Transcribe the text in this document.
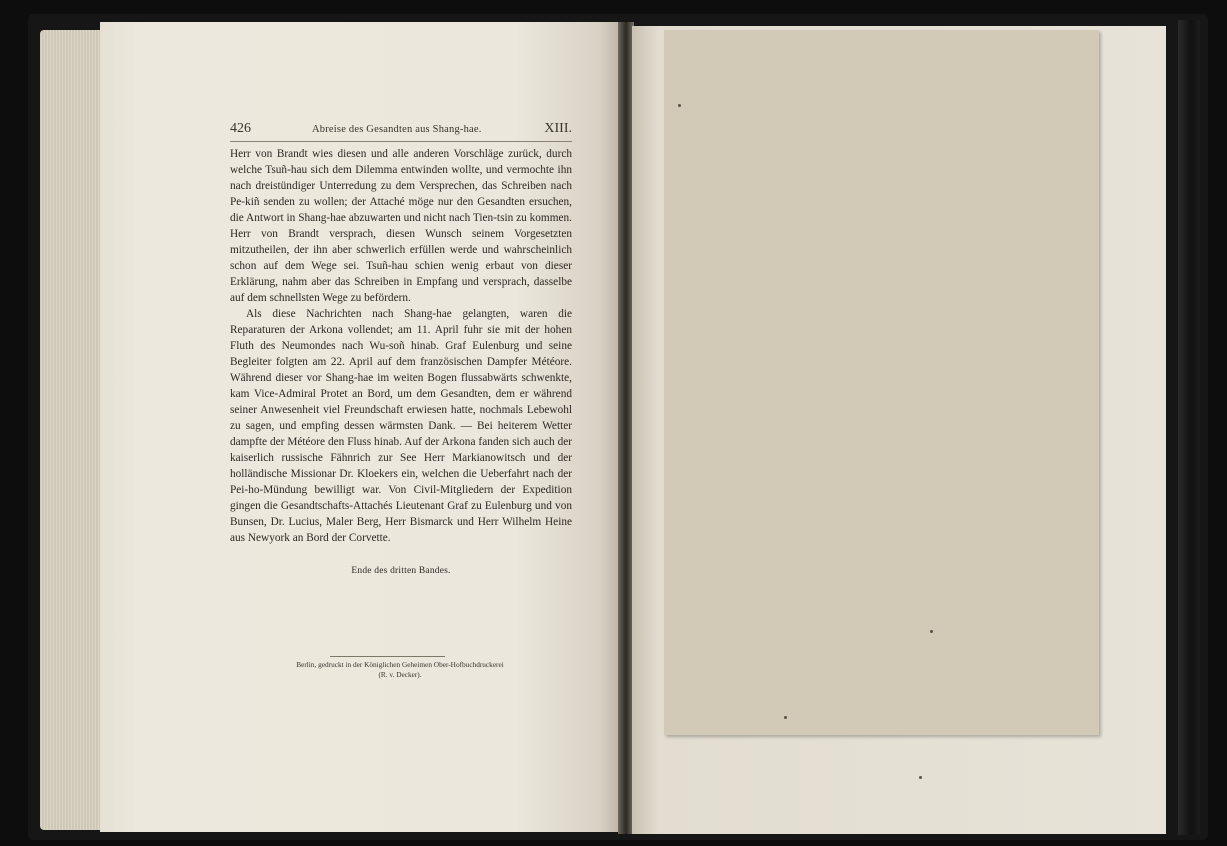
426	Abreise des Gesandten aus Shang-hae.	XIII.

Herr von Brandt wies diesen und alle anderen Vorschläge zurück, durch welche Tsuñ-hau sich dem Dilemma entwinden wollte, und vermochte ihn nach dreistündiger Unterredung zu dem Versprechen, das Schreiben nach Pe-kiñ senden zu wollen; der Attaché möge nur den Gesandten ersuchen, die Antwort in Shang-hae abzuwarten und nicht nach Tien-tsin zu kommen. Herr von Brandt versprach, diesen Wunsch seinem Vorgesetzten mitzutheilen, der ihn aber schwerlich erfüllen werde und wahrscheinlich schon auf dem Wege sei. Tsuñ-hau schien wenig erbaut von dieser Erklärung, nahm aber das Schreiben in Empfang und versprach, dasselbe auf dem schnellsten Wege zu befördern.

Als diese Nachrichten nach Shang-hae gelangten, waren die Reparaturen der Arkona vollendet; am 11. April fuhr sie mit der hohen Fluth des Neumondes nach Wu-soñ hinab. Graf Eulenburg und seine Begleiter folgten am 22. April auf dem französischen Dampfer Météore. Während dieser vor Shang-hae im weiten Bogen flussabwärts schwenkte, kam Vice-Admiral Protet an Bord, um dem Gesandten, dem er während seiner Anwesenheit viel Freundschaft erwiesen hatte, nochmals Lebewohl zu sagen, und empfing dessen wärmsten Dank. — Bei heiterem Wetter dampfte der Météore den Fluss hinab. Auf der Arkona fanden sich auch der kaiserlich russische Fähnrich zur See Herr Markianowitsch und der holländische Missionar Dr. Kloekers ein, welchen die Ueberfahrt nach der Pei-ho-Mündung bewilligt war. Von Civil-Mitgliedern der Expedition gingen die Gesandtschafts-Attachés Lieutenant Graf zu Eulenburg und von Bunsen, Dr. Lucius, Maler Berg, Herr Bismarck und Herr Wilhelm Heine aus Newyork an Bord der Corvette.

Ende des dritten Bandes.
Berlin, gedruckt in der Königlichen Geheimen Ober-Hofbuchdruckerei
(R. v. Decker).
